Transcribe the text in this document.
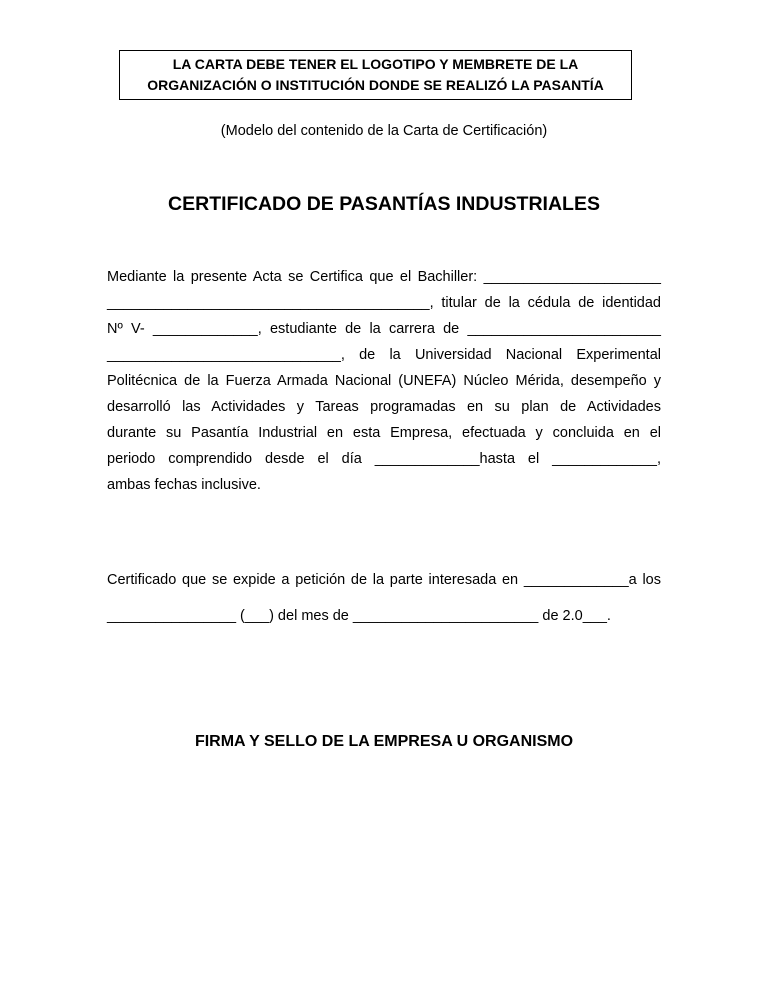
LA CARTA DEBE TENER EL LOGOTIPO Y MEMBRETE DE LA
ORGANIZACIÓN O INSTITUCIÓN DONDE SE REALIZÓ LA PASANTÍA
(Modelo del contenido de la Carta de Certificación)
CERTIFICADO DE PASANTÍAS INDUSTRIALES
Mediante la presente Acta se Certifica que el Bachiller: ______________________
________________________________________, titular de la cédula de identidad
Nº V- _____________, estudiante de la carrera de ________________________
_____________________________, de la Universidad Nacional Experimental
Politécnica de la Fuerza Armada Nacional (UNEFA) Núcleo Mérida, desempeño y
desarrolló las Actividades y Tareas programadas en su plan de Actividades
durante su Pasantía Industrial en esta Empresa, efectuada y concluida en el
periodo comprendido desde el día _____________hasta el _____________,
ambas fechas inclusive.
Certificado que se expide a petición de la parte interesada en _____________a los
________________ (___) del mes de _______________________ de 2.0___.
FIRMA Y SELLO DE LA EMPRESA U ORGANISMO
